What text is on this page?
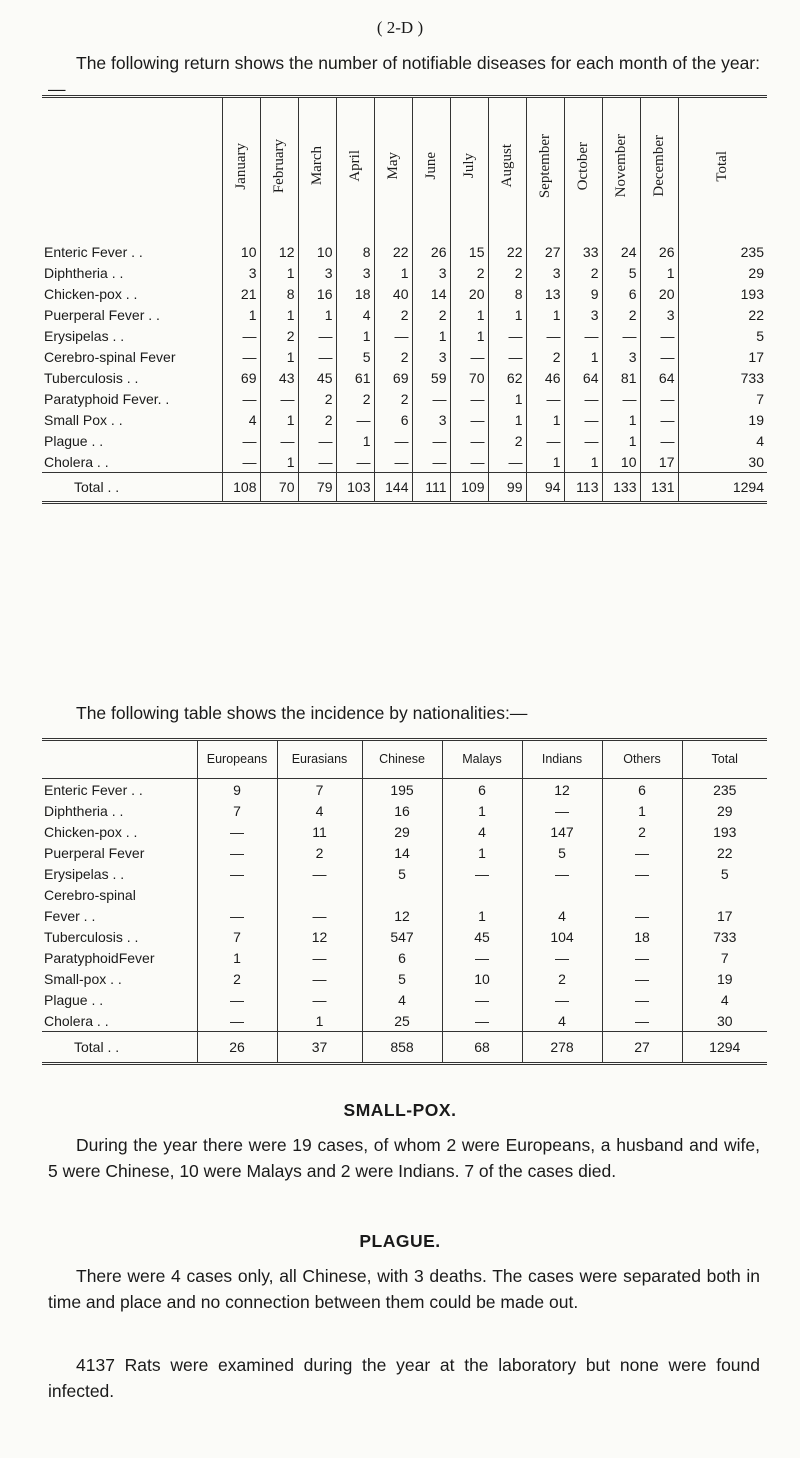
( 2-D )
The following return shows the number of notifiable diseases for each month of the year:—

	January	February	March	April	May	June	July	August	September	October	November	December	Total

Enteric Fever . .	10	12	10	8	22	26	15	22	27	33	24	26	235
Diphtheria . .	3	1	3	3	1	3	2	2	3	2	5	1	29
Chicken-pox . .	21	8	16	18	40	14	20	8	13	9	6	20	193
Puerperal Fever . .	1	1	1	4	2	2	1	1	1	3	2	3	22
Erysipelas . .	—	2	—	1	—	1	1	—	—	—	—	—	5
Cerebro-spinal Fever	—	1	—	5	2	3	—	—	2	1	3	—	17
Tuberculosis . .	69	43	45	61	69	59	70	62	46	64	81	64	733
Paratyphoid Fever. .	—	—	2	2	2	—	—	1	—	—	—	—	7
Small Pox . .	4	1	2	—	6	3	—	1	1	—	1	—	19
Plague . .	—	—	—	1	—	—	—	2	—	—	1	—	4
Cholera . .	—	1	—	—	—	—	—	—	1	1	10	17	30
Total . .	108	70	79	103	144	111	109	99	94	113	133	131	1294
The following table shows the incidence by nationalities:—
	Europeans	Eurasians	Chinese	Malays	Indians	Others	Total
Enteric Fever . .	9	7	195	6	12	6	235
Diphtheria . .	7	4	16	1	—	1	29
Chicken-pox . .	—	11	29	4	147	2	193
Puerperal Fever	—	2	14	1	5	—	22
Erysipelas . .	—	—	5	—	—	—	5
Cerebro-spinal							
Fever . .	—	—	12	1	4	—	17
Tuberculosis . .	7	12	547	45	104	18	733
ParatyphoidFever	1	—	6	—	—	—	7
Small-pox . .	2	—	5	10	2	—	19
Plague . .	—	—	4	—	—	—	4
Cholera . .	—	1	25	—	4	—	30
Total . .	26	37	858	68	278	27	1294
SMALL-POX.
During the year there were 19 cases, of whom 2 were Europeans, a husband and wife, 5 were Chinese, 10 were Malays and 2 were Indians. 7 of the cases died.
PLAGUE.
There were 4 cases only, all Chinese, with 3 deaths. The cases were separated both in time and place and no connection between them could be made out.
4137 Rats were examined during the year at the laboratory but none were found infected.
